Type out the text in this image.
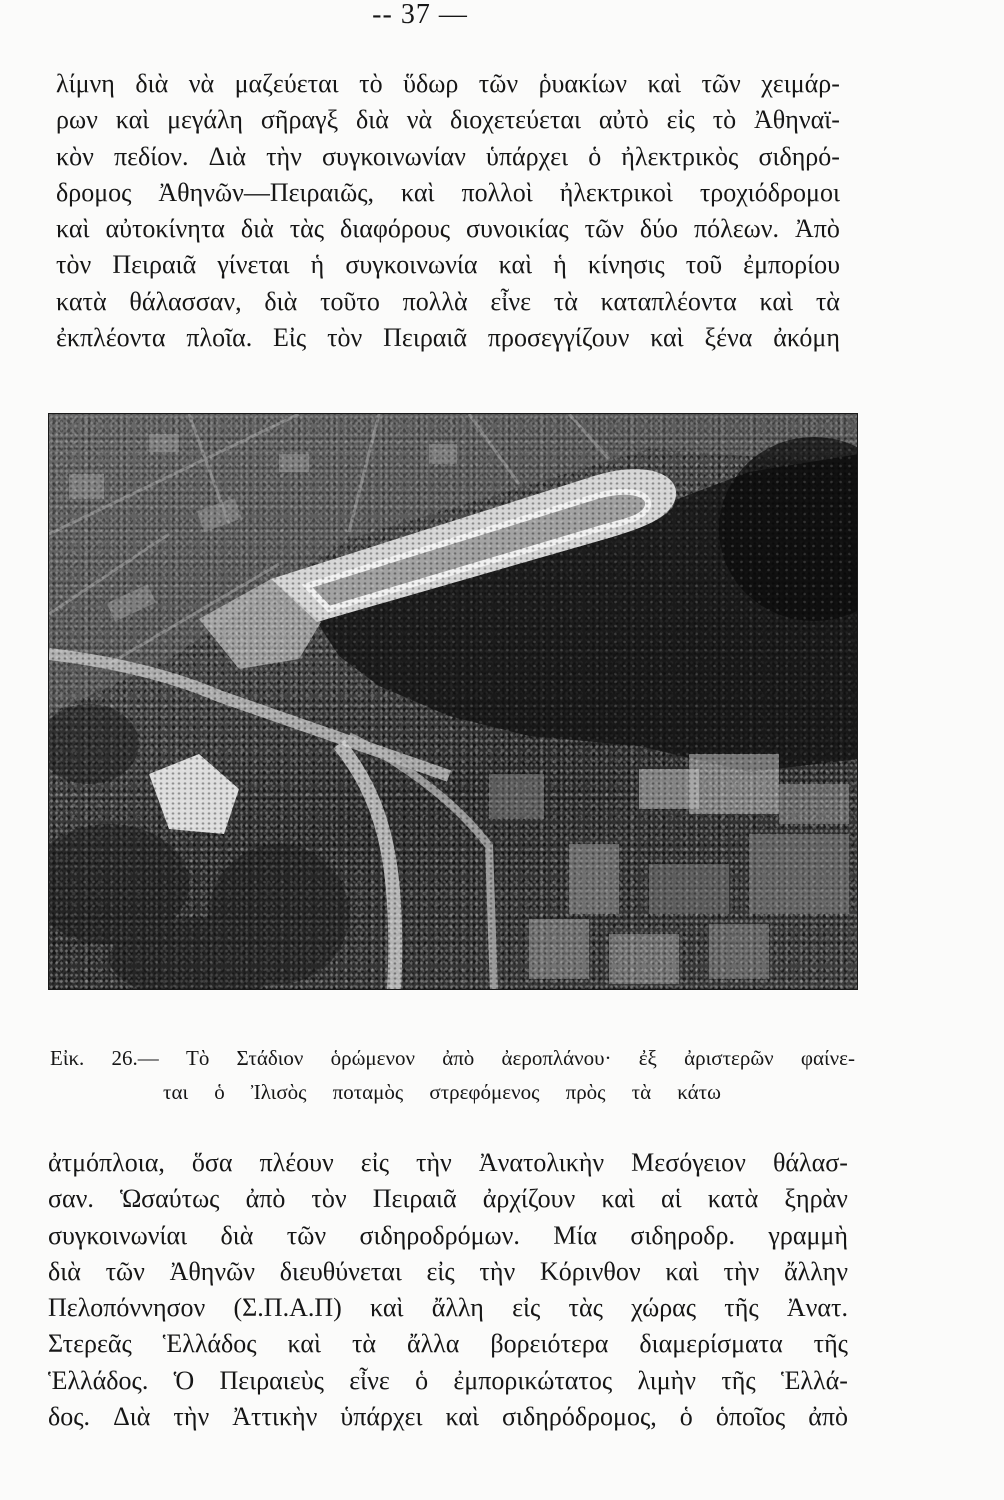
-- 37 —
λίμνη διὰ νὰ μαζεύεται τὸ ὕδωρ τῶν ῥυακίων καὶ τῶν χειμάρ-
ρων καὶ μεγάλη σῆραγξ διὰ νὰ διοχετεύεται αὐτὸ εἰς τὸ Ἀθηναϊ-
κὸν πεδίον. Διὰ τὴν συγκοινωνίαν ὑπάρχει ὁ ἠλεκτρικὸς σιδηρό-
δρομος Ἀθηνῶν—Πειραιῶς, καὶ πολλοὶ ἠλεκτρικοὶ τροχιόδρομοι
καὶ αὐτοκίνητα διὰ τὰς διαφόρους συνοικίας τῶν δύο πόλεων. Ἀπὸ
τὸν Πειραιᾶ γίνεται ἡ συγκοινωνία καὶ ἡ κίνησις τοῦ ἐμπορίου
κατὰ θάλασσαν, διὰ τοῦτο πολλὰ εἶνε τὰ καταπλέοντα καὶ τὰ
ἐκπλέοντα πλοῖα. Εἰς τὸν Πειραιᾶ προσεγγίζουν καὶ ξένα ἀκόμη
Εἰκ. 26.— Τὸ Στάδιον ὁρώμενον ἀπὸ ἀεροπλάνου· ἐξ ἀριστερῶν φαίνε-
ται ὁ Ἰλισὸς ποταμὸς στρεφόμενος πρὸς τὰ κάτω
ἀτμόπλοια, ὅσα πλέουν εἰς τὴν Ἀνατολικὴν Μεσόγειον θάλασ-
σαν. Ὡσαύτως ἀπὸ τὸν Πειραιᾶ ἀρχίζουν καὶ αἱ κατὰ ξηρὰν
συγκοινωνίαι διὰ τῶν σιδηροδρόμων. Μία σιδηροδρ. γραμμὴ
διὰ τῶν Ἀθηνῶν διευθύνεται εἰς τὴν Κόρινθον καὶ τὴν ἄλλην
Πελοπόννησον (Σ.Π.Α.Π) καὶ ἄλλη εἰς τὰς χώρας τῆς Ἀνατ.
Στερεᾶς Ἑλλάδος καὶ τὰ ἄλλα βορειότερα διαμερίσματα τῆς
Ἑλλάδος. Ὁ Πειραιεὺς εἶνε ὁ ἐμπορικώτατος λιμὴν τῆς Ἑλλά-
δος. Διὰ τὴν Ἀττικὴν ὑπάρχει καὶ σιδηρόδρομος, ὁ ὁποῖος ἀπὸ
